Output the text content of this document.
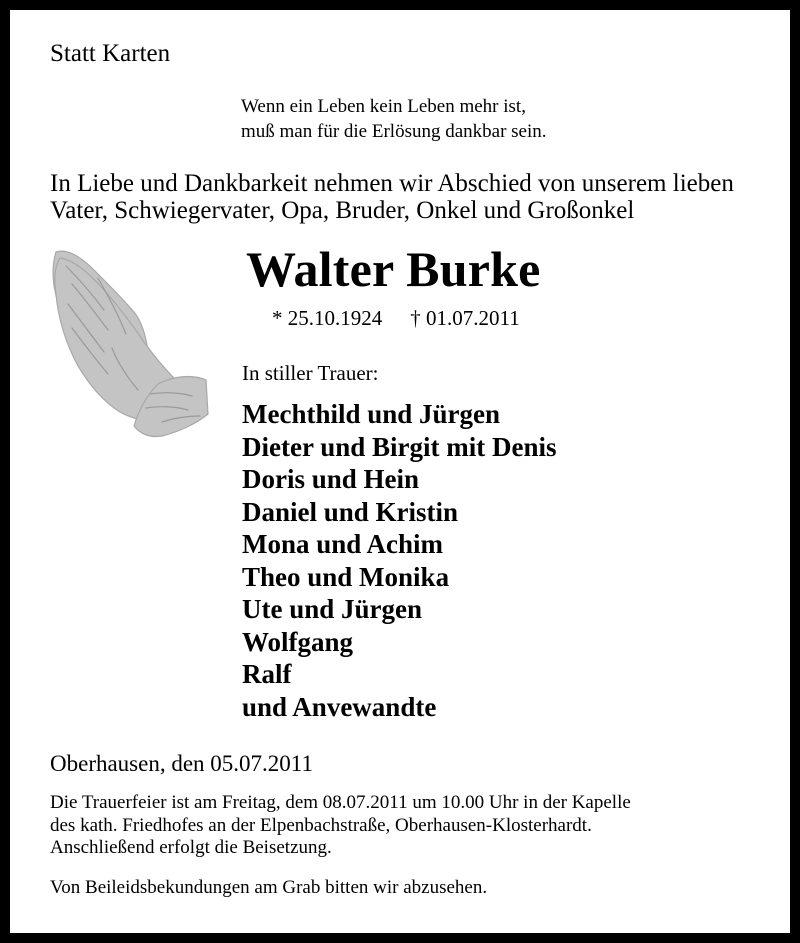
Statt Karten
Wenn ein Leben kein Leben mehr ist,
muß man für die Erlösung dankbar sein.
In Liebe und Dankbarkeit nehmen wir Abschied von unserem lieben
Vater, Schwiegervater, Opa, Bruder, Onkel und Großonkel
Walter Burke
* 25.10.1924 † 01.07.2011
In stiller Trauer:
Mechthild und Jürgen
Dieter und Birgit mit Denis
Doris und Hein
Daniel und Kristin
Mona und Achim
Theo und Monika
Ute und Jürgen
Wolfgang
Ralf
und Anvewandte
Oberhausen, den 05.07.2011
Die Trauerfeier ist am Freitag, dem 08.07.2011 um 10.00 Uhr in der Kapelle
des kath. Friedhofes an der Elpenbachstraße, Oberhausen-Klosterhardt.
Anschließend erfolgt die Beisetzung.
Von Beileidsbekundungen am Grab bitten wir abzusehen.
